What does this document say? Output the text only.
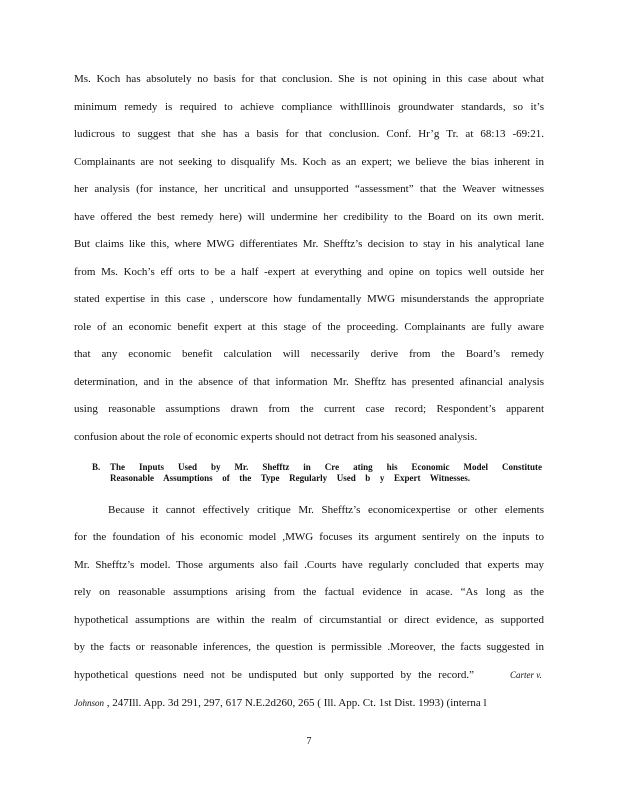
Ms. Koch has absolutely no basis for that conclusion. She is not opining in this case about what
minimum remedy is required to achieve compliance withIllinois groundwater standards, so it’s
ludicrous to suggest that she has a basis for that conclusion. Conf. Hr’g Tr. at 68:13 -69:21.
Complainants are not seeking to disqualify Ms. Koch as an expert; we believe the bias inherent in
her analysis (for instance, her uncritical and unsupported “assessment” that the Weaver witnesses
have offered the best remedy here) will undermine her credibility to the Board on its own merit.
But claims like this, where MWG differentiates Mr. Shefftz’s decision to stay in his analytical lane
from Ms. Koch’s eff orts to be a half -expert at everything and opine on topics well outside her
stated expertise in this case , underscore how fundamentally MWG misunderstands the appropriate
role of an economic benefit expert at this stage of the proceeding. Complainants are fully aware
that any economic benefit calculation will necessarily derive from the Board’s remedy
determination, and in the absence of that information Mr. Shefftz has presented afinancial analysis
using reasonable assumptions drawn from the current case record; Respondent’s apparent
confusion about the role of economic experts should not detract from his seasoned analysis.
B. The Inputs Used by Mr. Shefftz in Cre ating his Economic Model Constitute
Reasonable Assumptions of the Type Regularly Used b y Expert Witnesses.
Because it cannot effectively critique Mr. Shefftz’s economicexpertise or other elements
for the foundation of his economic model ,MWG focuses its argument sentirely on the inputs to
Mr. Shefftz’s model. Those arguments also fail .Courts have regularly concluded that experts may
rely on reasonable assumptions arising from the factual evidence in acase. “As long as the
hypothetical assumptions are within the realm of circumstantial or direct evidence, as supported
by the facts or reasonable inferences, the question is permissible .Moreover, the facts suggested in
hypothetical questions need not be undisputed but only supported by the record.”	Carter v.
Johnson , 247Ill. App. 3d 291, 297, 617 N.E.2d260, 265 ( Ill. App. Ct. 1st Dist. 1993) (interna l
7
